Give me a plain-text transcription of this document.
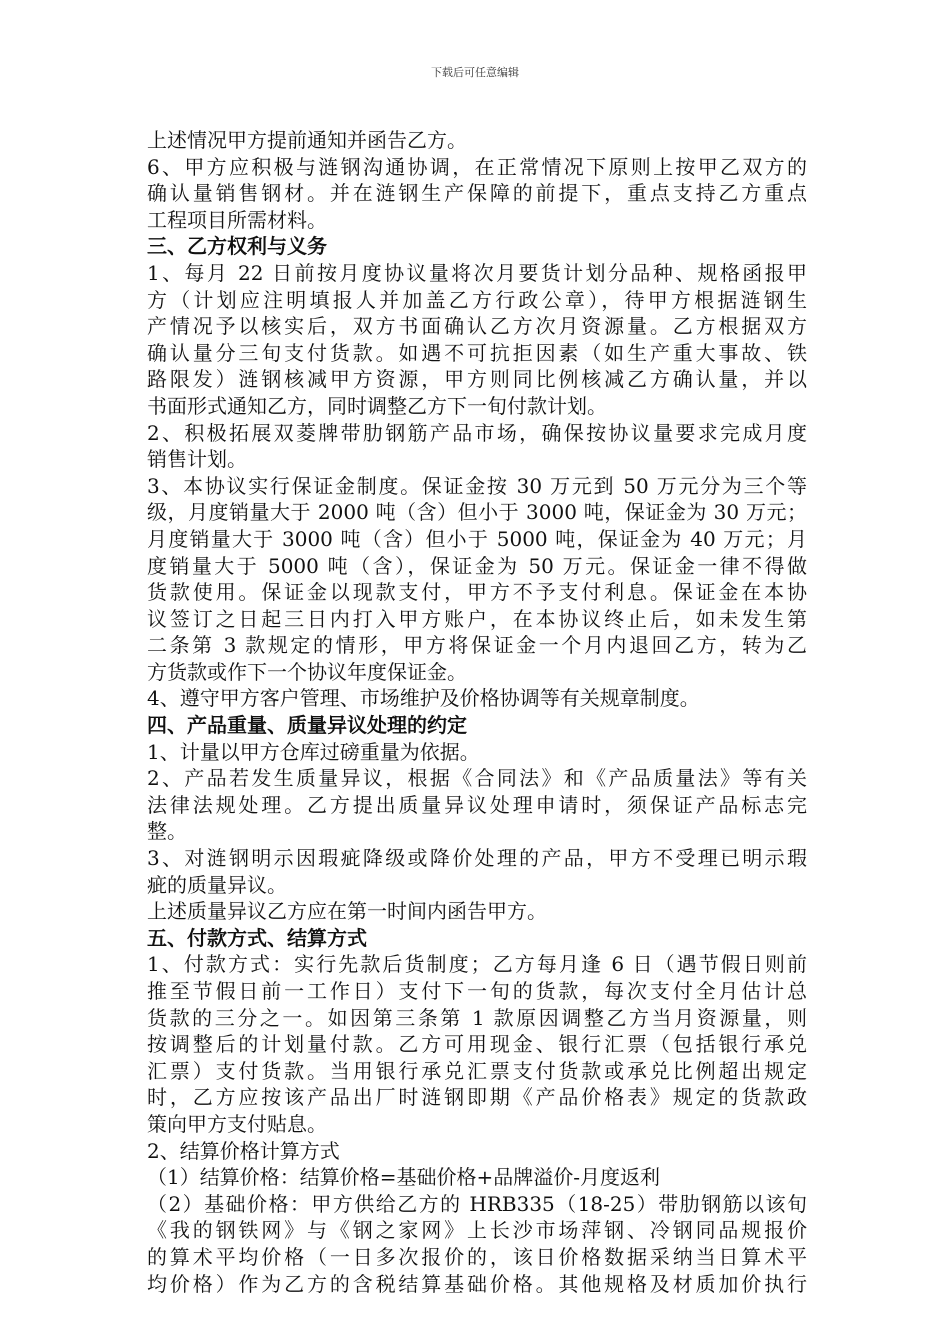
下载后可任意编辑
上述情况甲方提前通知并函告乙方。
6、甲方应积极与涟钢沟通协调，在正常情况下原则上按甲乙双方的
确认量销售钢材。并在涟钢生产保障的前提下，重点支持乙方重点
工程项目所需材料。
三、乙方权利与义务
1、每月 22 日前按月度协议量将次月要货计划分品种、规格函报甲
方（计划应注明填报人并加盖乙方行政公章），待甲方根据涟钢生
产情况予以核实后，双方书面确认乙方次月资源量。乙方根据双方
确认量分三旬支付货款。如遇不可抗拒因素（如生产重大事故、铁
路限发）涟钢核减甲方资源，甲方则同比例核减乙方确认量，并以
书面形式通知乙方，同时调整乙方下一旬付款计划。
2、积极拓展双菱牌带肋钢筋产品市场，确保按协议量要求完成月度
销售计划。
3、本协议实行保证金制度。保证金按 30 万元到 50 万元分为三个等
级，月度销量大于 2000 吨（含）但小于 3000 吨，保证金为 30 万元；
月度销量大于 3000 吨（含）但小于 5000 吨，保证金为 40 万元；月
度销量大于 5000 吨（含），保证金为 50 万元。保证金一律不得做
货款使用。保证金以现款支付，甲方不予支付利息。保证金在本协
议签订之日起三日内打入甲方账户，在本协议终止后，如未发生第
二条第 3 款规定的情形，甲方将保证金一个月内退回乙方，转为乙
方货款或作下一个协议年度保证金。
4、遵守甲方客户管理、市场维护及价格协调等有关规章制度。
四、产品重量、质量异议处理的约定
1、计量以甲方仓库过磅重量为依据。
2、产品若发生质量异议，根据《合同法》和《产品质量法》等有关
法律法规处理。乙方提出质量异议处理申请时，须保证产品标志完
整。
3、对涟钢明示因瑕疵降级或降价处理的产品，甲方不受理已明示瑕
疵的质量异议。
上述质量异议乙方应在第一时间内函告甲方。
五、付款方式、结算方式
1、付款方式：实行先款后货制度；乙方每月逢 6 日（遇节假日则前
推至节假日前一工作日）支付下一旬的货款，每次支付全月估计总
货款的三分之一。如因第三条第 1 款原因调整乙方当月资源量，则
按调整后的计划量付款。乙方可用现金、银行汇票（包括银行承兑
汇票）支付货款。当用银行承兑汇票支付货款或承兑比例超出规定
时，乙方应按该产品出厂时涟钢即期《产品价格表》规定的货款政
策向甲方支付贴息。
2、结算价格计算方式
（1）结算价格：结算价格=基础价格+品牌溢价-月度返利
（2）基础价格：甲方供给乙方的 HRB335（18-25）带肋钢筋以该旬
《我的钢铁网》与《钢之家网》上长沙市场萍钢、冷钢同品规报价
的算术平均价格（一日多次报价的，该日价格数据采纳当日算术平
均价格）作为乙方的含税结算基础价格。其他规格及材质加价执行
